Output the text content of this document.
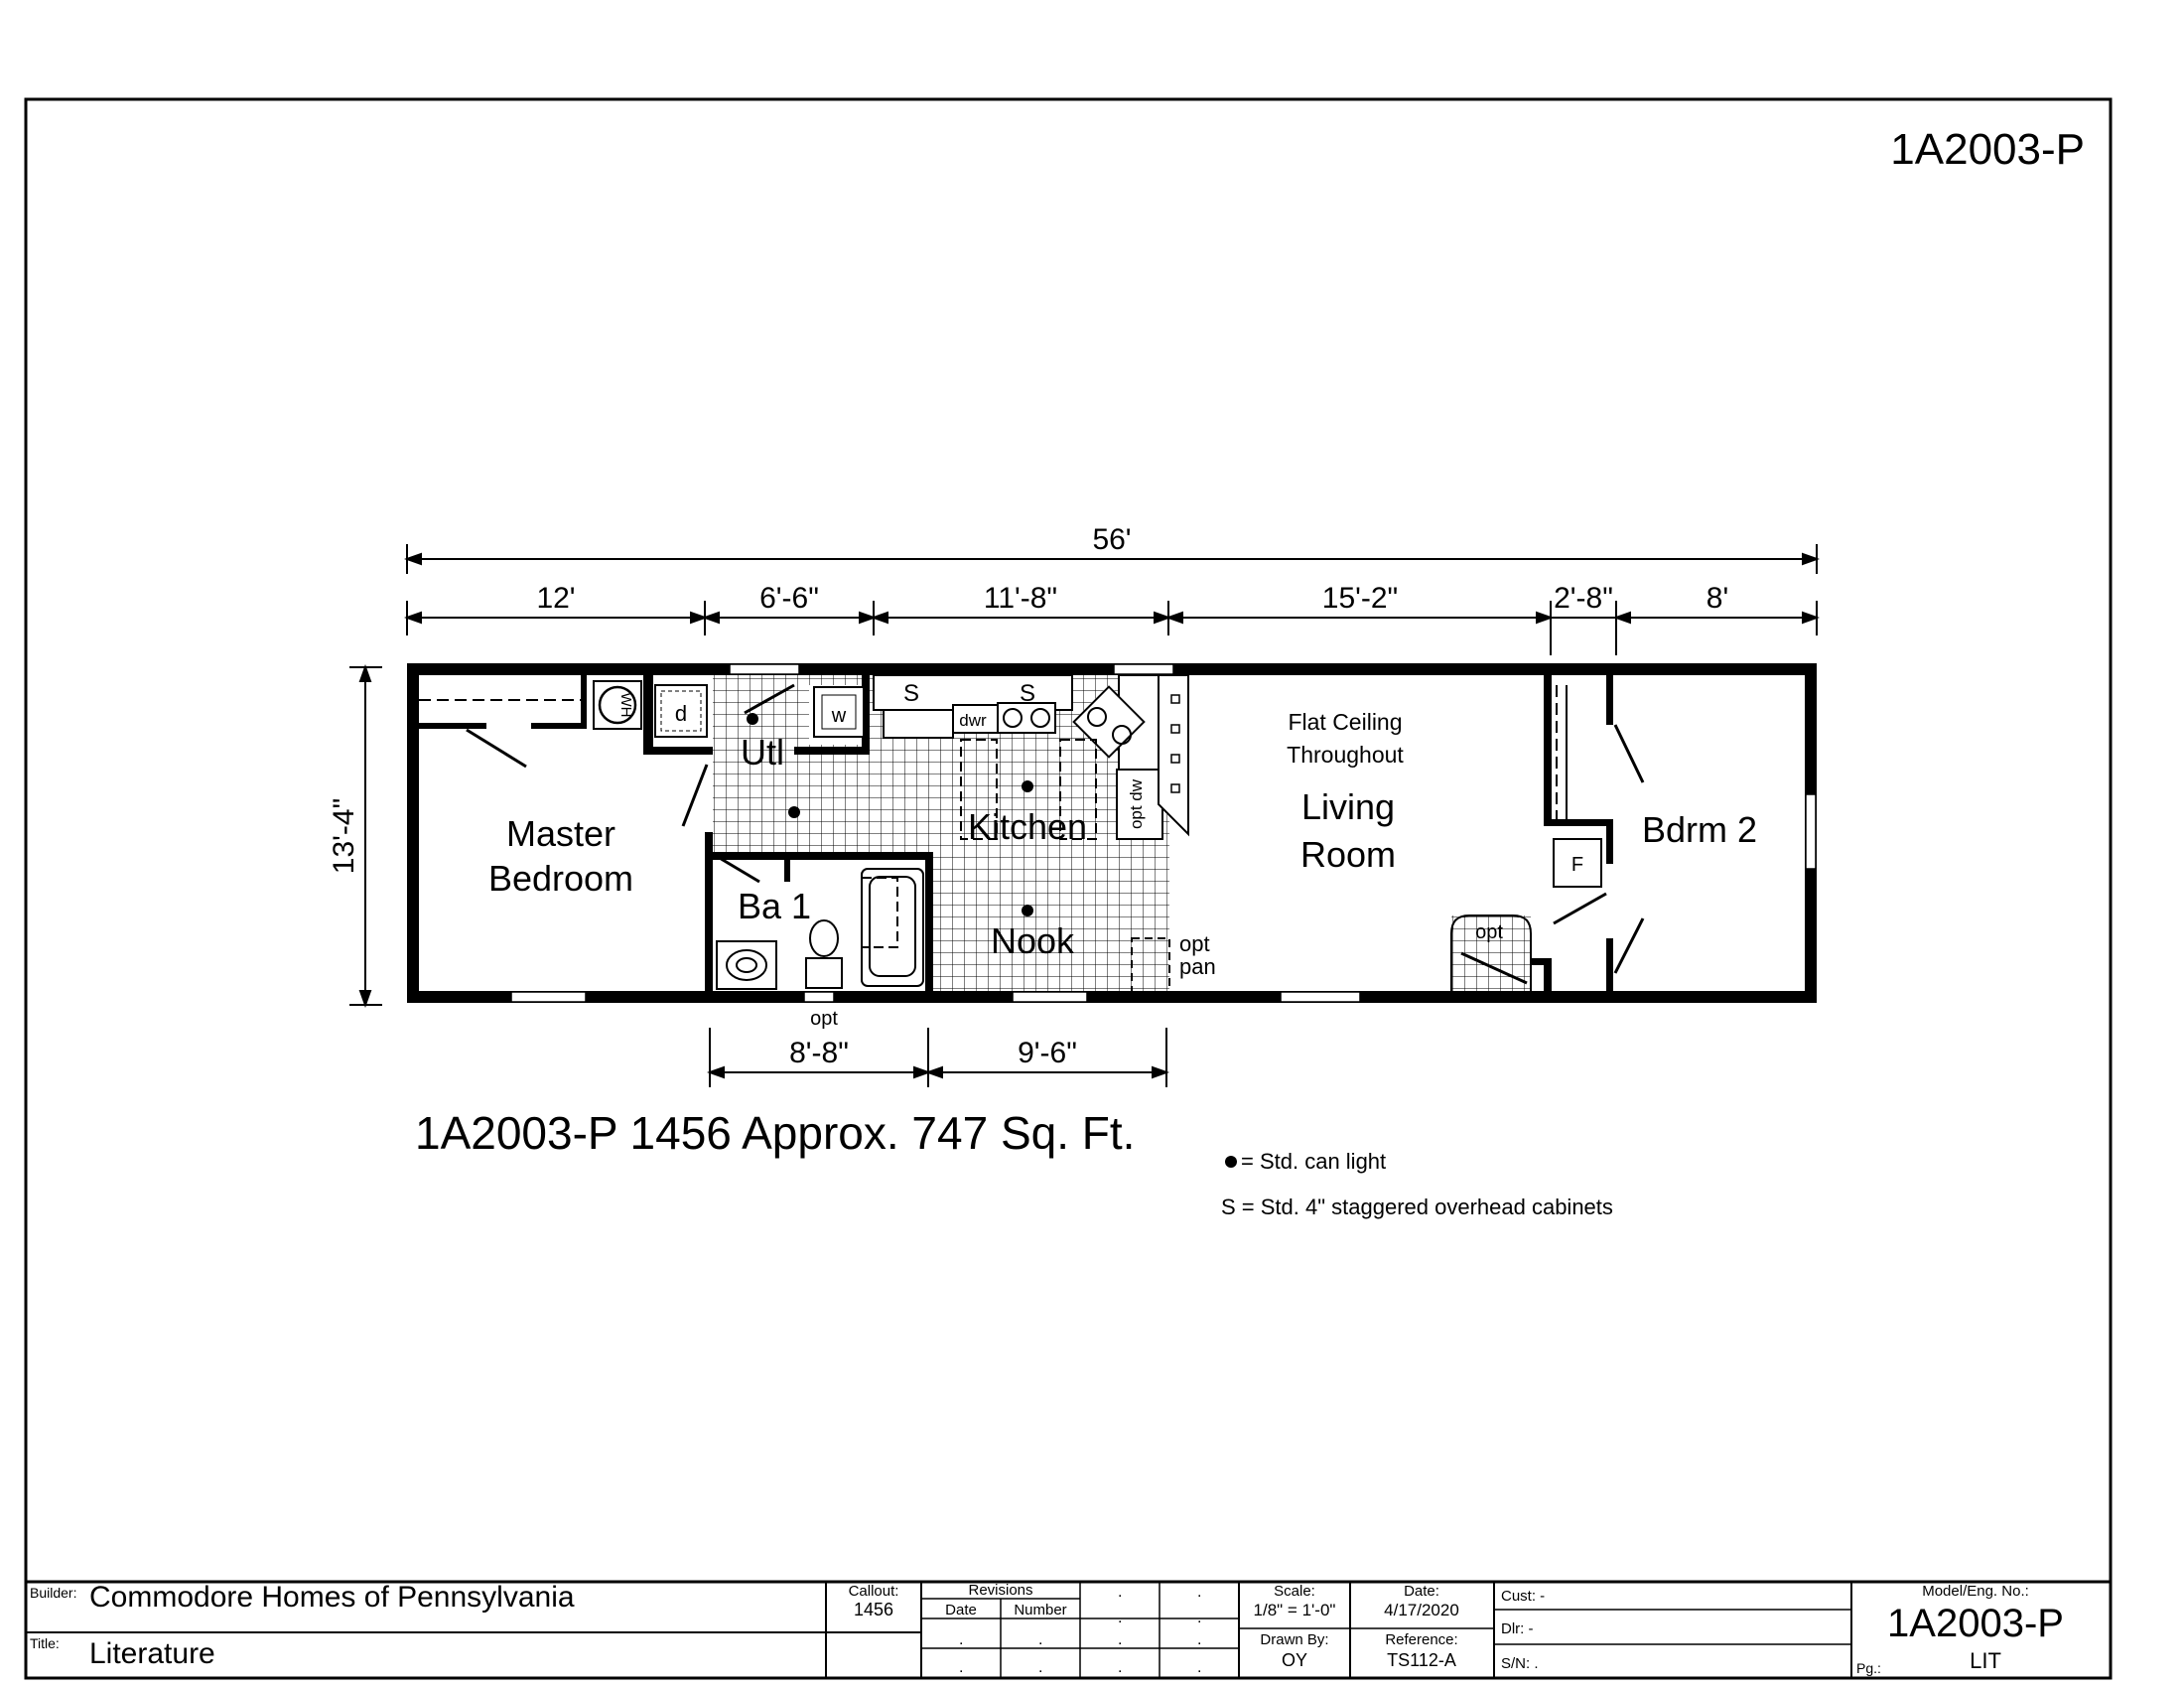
1A2003-P
56'
12'	6'-6"	11'-8"	15'-2"	2'-8"	8'
13'-4"
8'-8"	9'-6"
WH d	w
S	S
dwr
opt dw
opt
opt
pan
F
opt
Master
Bedroom
Utl
Ba 1
Kitchen
Nook
Flat Ceiling
Throughout
Living
Room
Bdrm 2
1A2003-P 1456 Approx. 747 Sq. Ft.
= Std. can light
S = Std. 4" staggered overhead cabinets
Builder: Commodore Homes of Pennsylvania
Title: Literature
Callout:
1456
Revisions
Date Number
.	.
.	.
.	.	.	.
.	.	.	.
Scale:
1/8" = 1'-0"
Date:
4/17/2020
Drawn By:
OY
Reference:
TS112-A
Cust: -
Dlr: -
S/N: .
Model/Eng. No.:
1A2003-P
Pg.:	LIT
